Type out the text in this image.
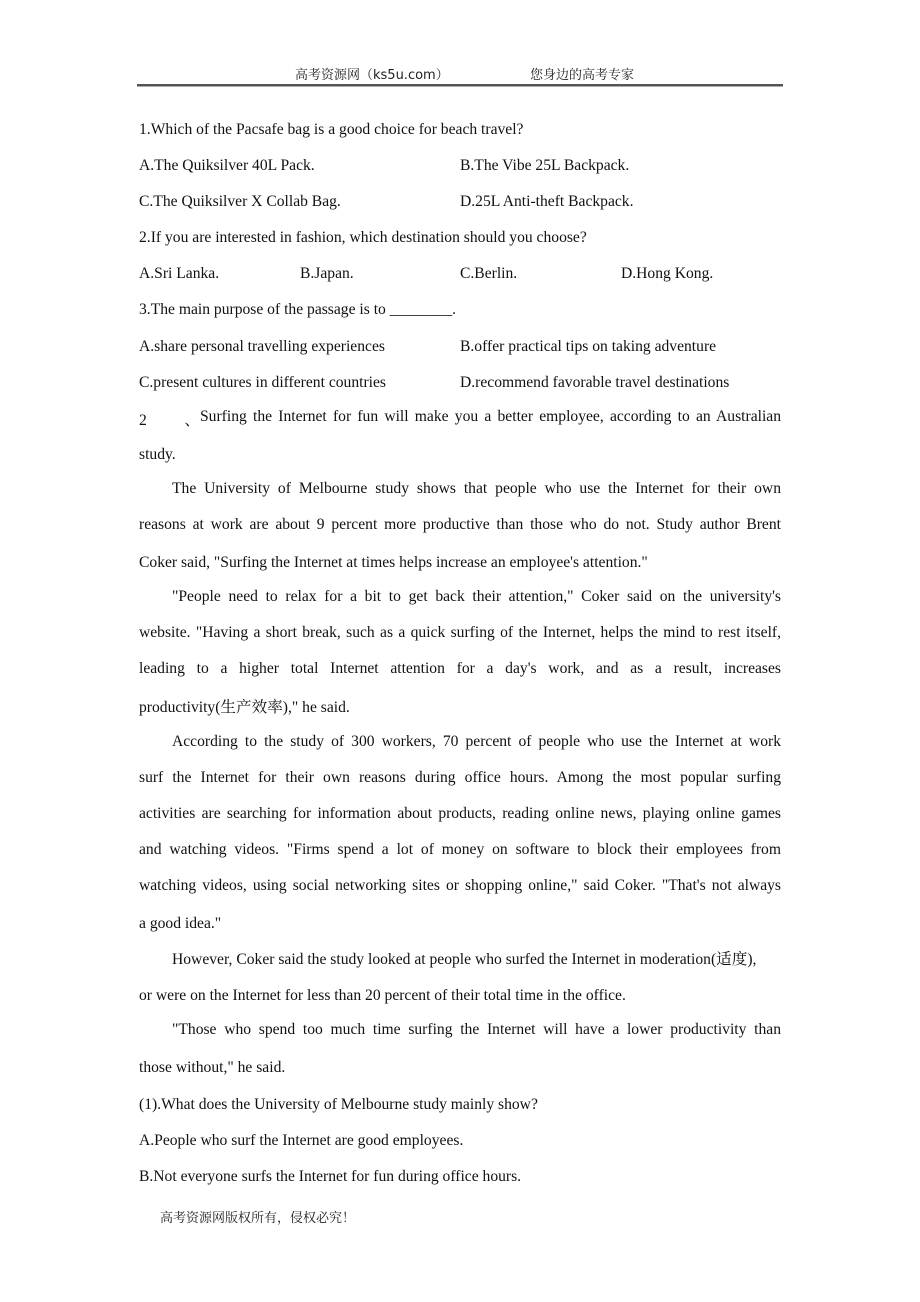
高考资源网（ks5u.com）	您身边的高考专家
1.Which of the Pacsafe bag is a good choice for beach travel?
A.The Quiksilver 40L Pack.	B.The Vibe 25L Backpack.
C.The Quiksilver X Collab Bag.	D.25L Anti-theft Backpack.
2.If you are interested in fashion, which destination should you choose?
A.Sri Lanka.	B.Japan.	C.Berlin.	D.Hong Kong.
3.The main purpose of the passage is to ________.
A.share personal travelling experiences	B.offer practical tips on taking adventure
C.present cultures in different countries	D.recommend favorable travel destinations
2、 Surfing the Internet for fun will make you a better employee, according to an Australian
study.
The University of Melbourne study shows that people who use the Internet for their own
reasons at work are about 9 percent more productive than those who do not. Study author Brent
Coker said, "Surfing the Internet at times helps increase an employee's attention."
"People need to relax for a bit to get back their attention," Coker said on the university's
website. "Having a short break, such as a quick surfing of the Internet, helps the mind to rest itself,
leading to a higher total Internet attention for a day's work, and as a result, increases
productivity(生产效率)," he said.
According to the study of 300 workers, 70 percent of people who use the Internet at work
surf the Internet for their own reasons during office hours. Among the most popular surfing
activities are searching for information about products, reading online news, playing online games
and watching videos. "Firms spend a lot of money on software to block their employees from
watching videos, using social networking sites or shopping online," said Coker. "That's not always
a good idea."
However, Coker said the study looked at people who surfed the Internet in moderation(适度),
or were on the Internet for less than 20 percent of their total time in the office.
"Those who spend too much time surfing the Internet will have a lower productivity than
those without," he said.
(1).What does the University of Melbourne study mainly show?
A.People who surf the Internet are good employees.
B.Not everyone surfs the Internet for fun during office hours.
高考资源网版权所有，侵权必究！
